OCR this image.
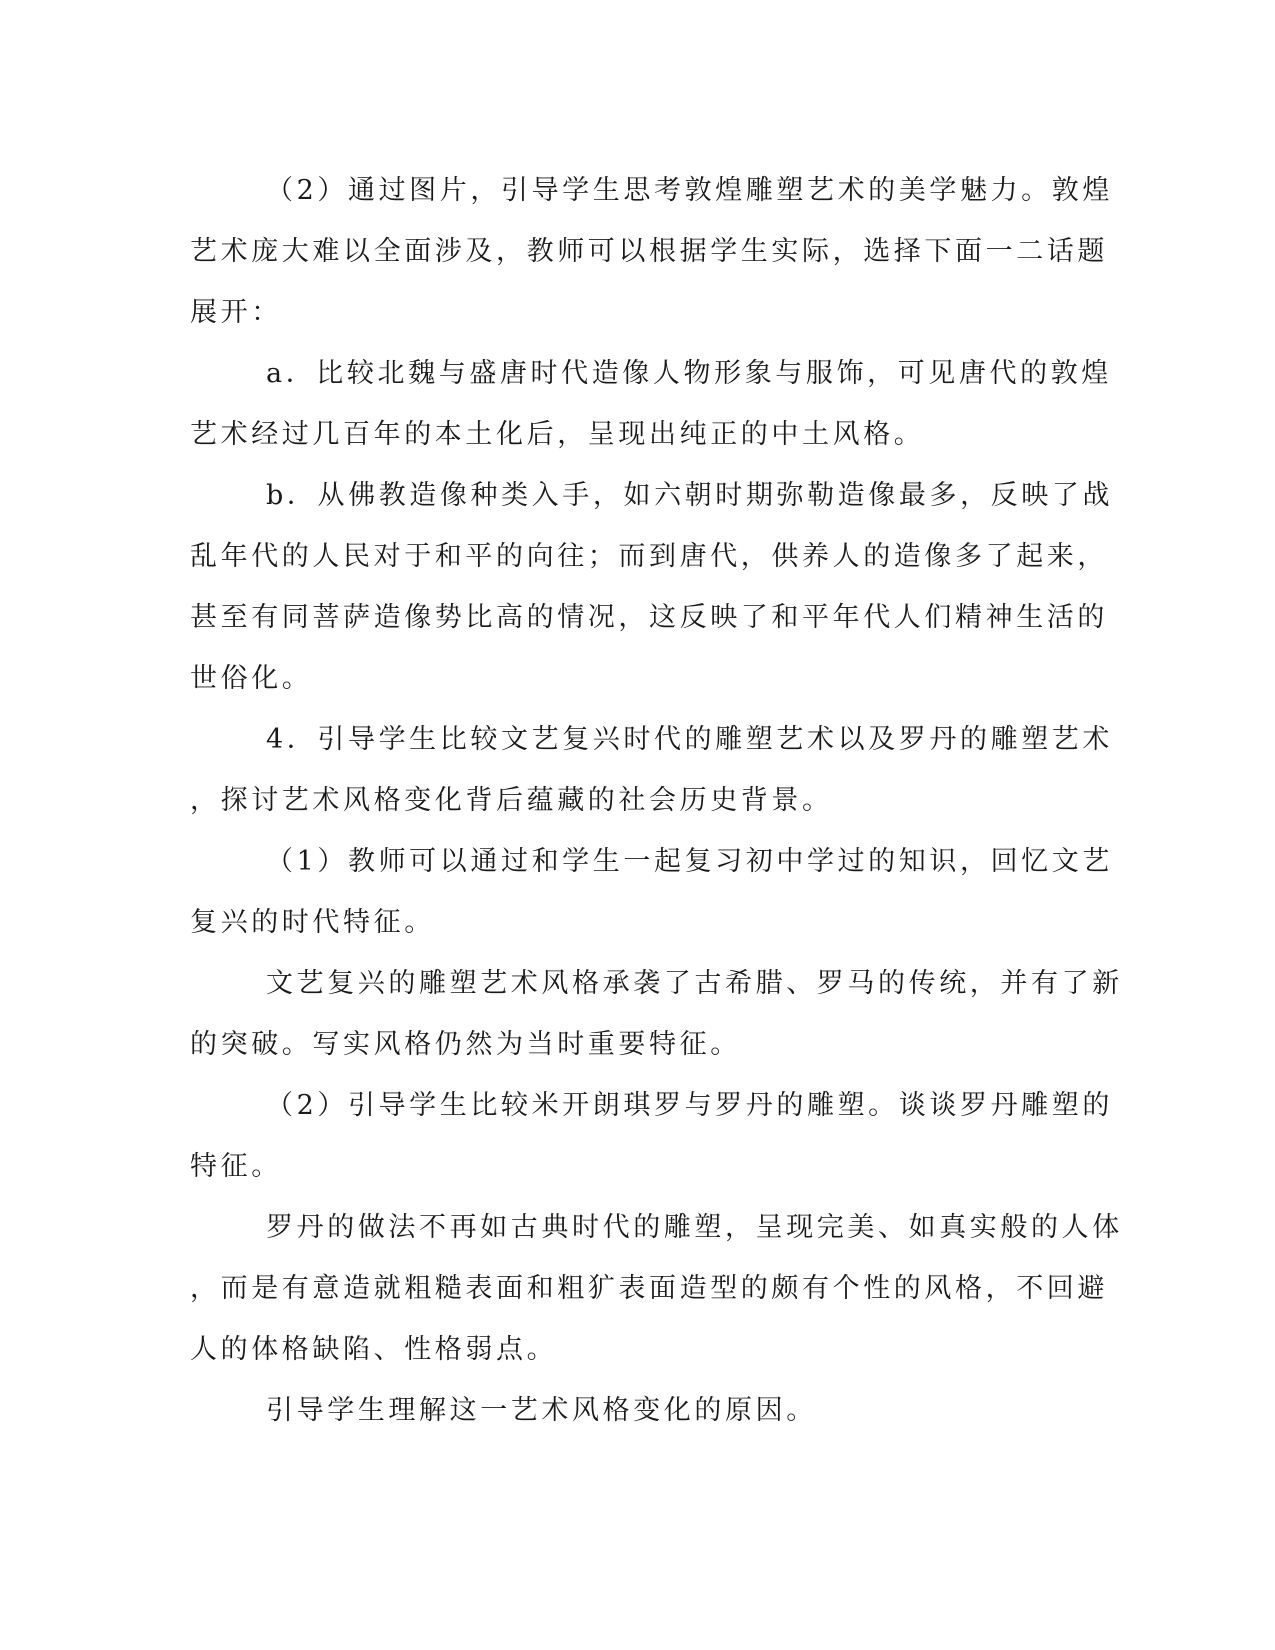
（2）通过图片，引导学生思考敦煌雕塑艺术的美学魅力。敦煌
艺术庞大难以全面涉及，教师可以根据学生实际，选择下面一二话题
展开：
a．比较北魏与盛唐时代造像人物形象与服饰，可见唐代的敦煌
艺术经过几百年的本土化后，呈现出纯正的中土风格。
b．从佛教造像种类入手，如六朝时期弥勒造像最多，反映了战
乱年代的人民对于和平的向往；而到唐代，供养人的造像多了起来，
甚至有同菩萨造像势比高的情况，这反映了和平年代人们精神生活的
世俗化。
4．引导学生比较文艺复兴时代的雕塑艺术以及罗丹的雕塑艺术
，探讨艺术风格变化背后蕴藏的社会历史背景。
（1）教师可以通过和学生一起复习初中学过的知识，回忆文艺
复兴的时代特征。
文艺复兴的雕塑艺术风格承袭了古希腊、罗马的传统，并有了新
的突破。写实风格仍然为当时重要特征。
（2）引导学生比较米开朗琪罗与罗丹的雕塑。谈谈罗丹雕塑的
特征。
罗丹的做法不再如古典时代的雕塑，呈现完美、如真实般的人体
，而是有意造就粗糙表面和粗犷表面造型的颇有个性的风格，不回避
人的体格缺陷、性格弱点。
引导学生理解这一艺术风格变化的原因。
